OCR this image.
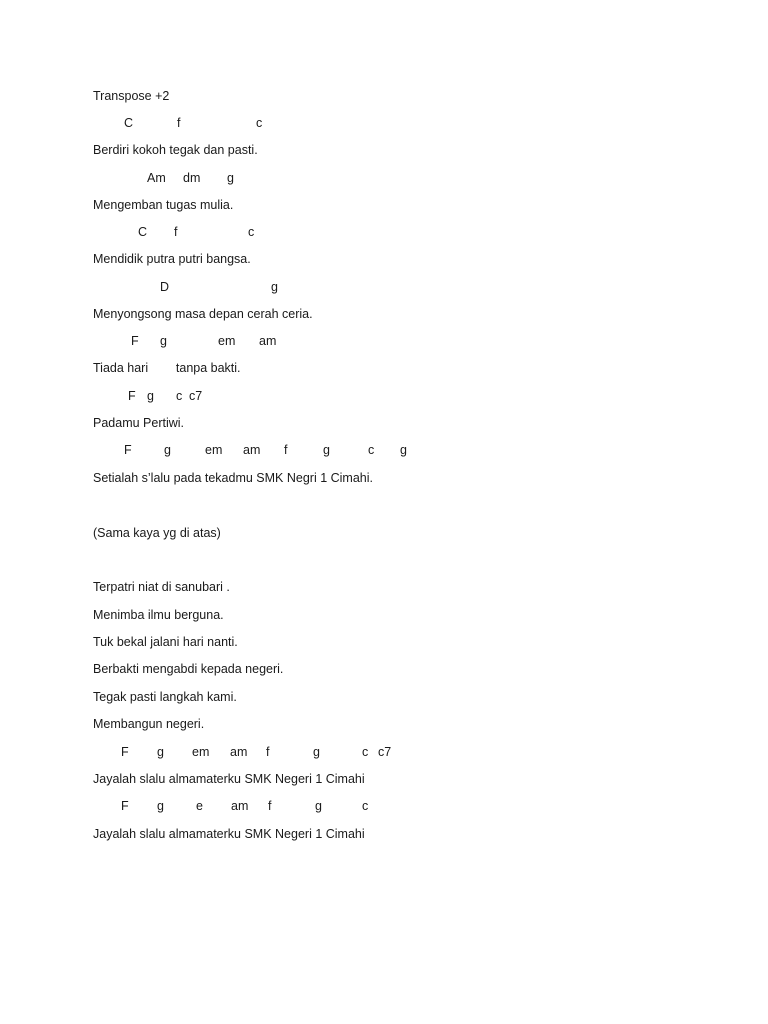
Transpose +2

C	f	c

Berdiri kokoh tegak dan pasti.

Am dm g

Mengemban tugas mulia.

C f	c

Mendidik putra putri bangsa.

D	g

Menyongsong masa depan cerah ceria.

F g	em am

Tiada hari        tanpa bakti.

F g c c7

Padamu Pertiwi.

F	g	em am f	g	c g

Setialah s’lalu pada tekadmu SMK Negri 1 Cimahi.

(Sama kaya yg di atas)

Terpatri niat di sanubari .

Menimba ilmu berguna.

Tuk bekal jalani hari nanti.

Berbakti mengabdi kepada negeri.

Tegak pasti langkah kami.

Membangun negeri.

F g em am f	g	c c7

Jayalah slalu almamaterku SMK Negeri 1 Cimahi

F g	e am f	g	c

Jayalah slalu almamaterku SMK Negeri 1 Cimahi
